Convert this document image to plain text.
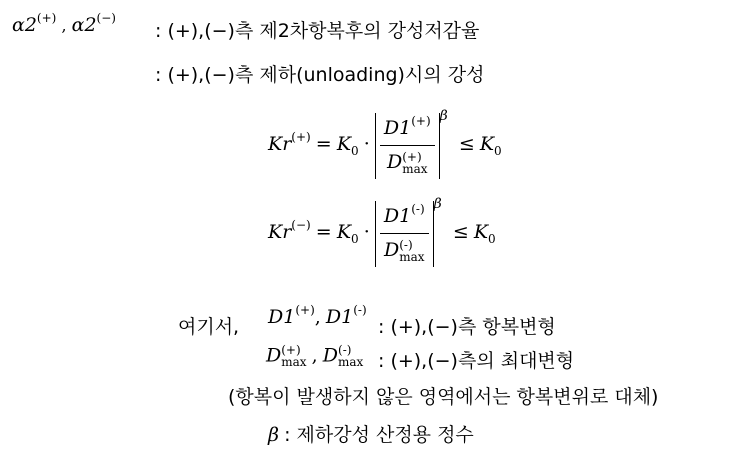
α2(+) , α2(−)
: (+),(−)측 제2차항복후의 강성저감율
: (+),(−)측 제하(unloading)시의 강성
$Kr^{(+)} = K_0 \cdot D1^{(+)}$
D (+)
$\max \beta \le K_0$
$Kr^{(-)} = K_0 \cdot D1^{(-)}$
D (-)
$\max \beta \le K_0$
여기서, D1(+), D1(-)
: (+),(−)측 항복변형
D (+)
max , D (-)
max : (+),(−)측의 최대변형
(항복이 발생하지 않은 영역에서는 항복변위로 대체)
β : 제하강성 산정용 정수
